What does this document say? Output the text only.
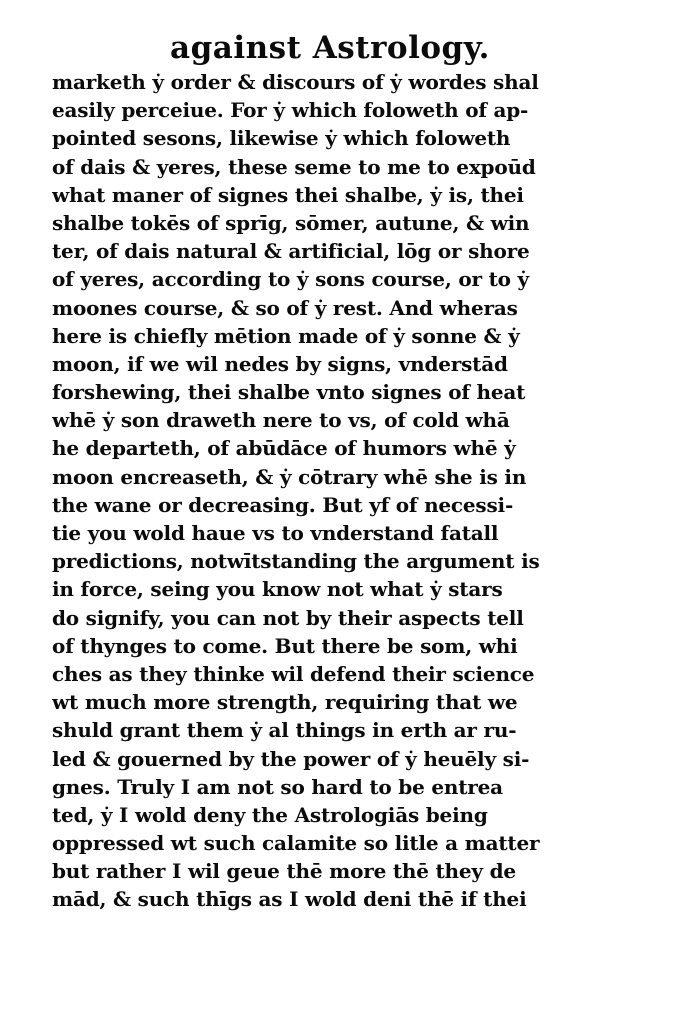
against Astrology.
marketh ẏ order & discours of ẏ wordes shal
easily perceiue. For ẏ which foloweth of ap-
pointed sesons, likewise ẏ which foloweth
of dais & yeres, these seme to me to expoūd
what maner of signes thei shalbe, ẏ is, thei
shalbe tokēs of sprīg, sōmer, autune, & win
ter, of dais natural & artificial, lōg or shore
of yeres, according to ẏ sons course, or to ẏ
moones course, & so of ẏ rest. And wheras
here is chiefly mētion made of ẏ sonne & ẏ
moon, if we wil nedes by signs, vnderstād
forshewing, thei shalbe vnto signes of heat
whē ẏ son draweth nere to vs, of cold whā
he departeth, of abūdāce of humors whē ẏ
moon encreaseth, & ẏ cōtrary whē she is in
the wane or decreasing. But yf of necessi-
tie you wold haue vs to vnderstand fatall
predictions, notwītstanding the argument is
in force, seing you know not what ẏ stars
do signify, you can not by their aspects tell
of thynges to come. But there be som, whi
ches as they thinke wil defend their science
wt much more strength, requiring that we
shuld grant them ẏ al things in erth ar ru-
led & gouerned by the power of ẏ heuēly si-
gnes. Truly I am not so hard to be entrea
ted, ẏ I wold deny the Astrologiās being
oppressed wt such calamite so litle a matter
but rather I wil geue thē more thē they de
mād, & such thīgs as I wold deni thē if thei
